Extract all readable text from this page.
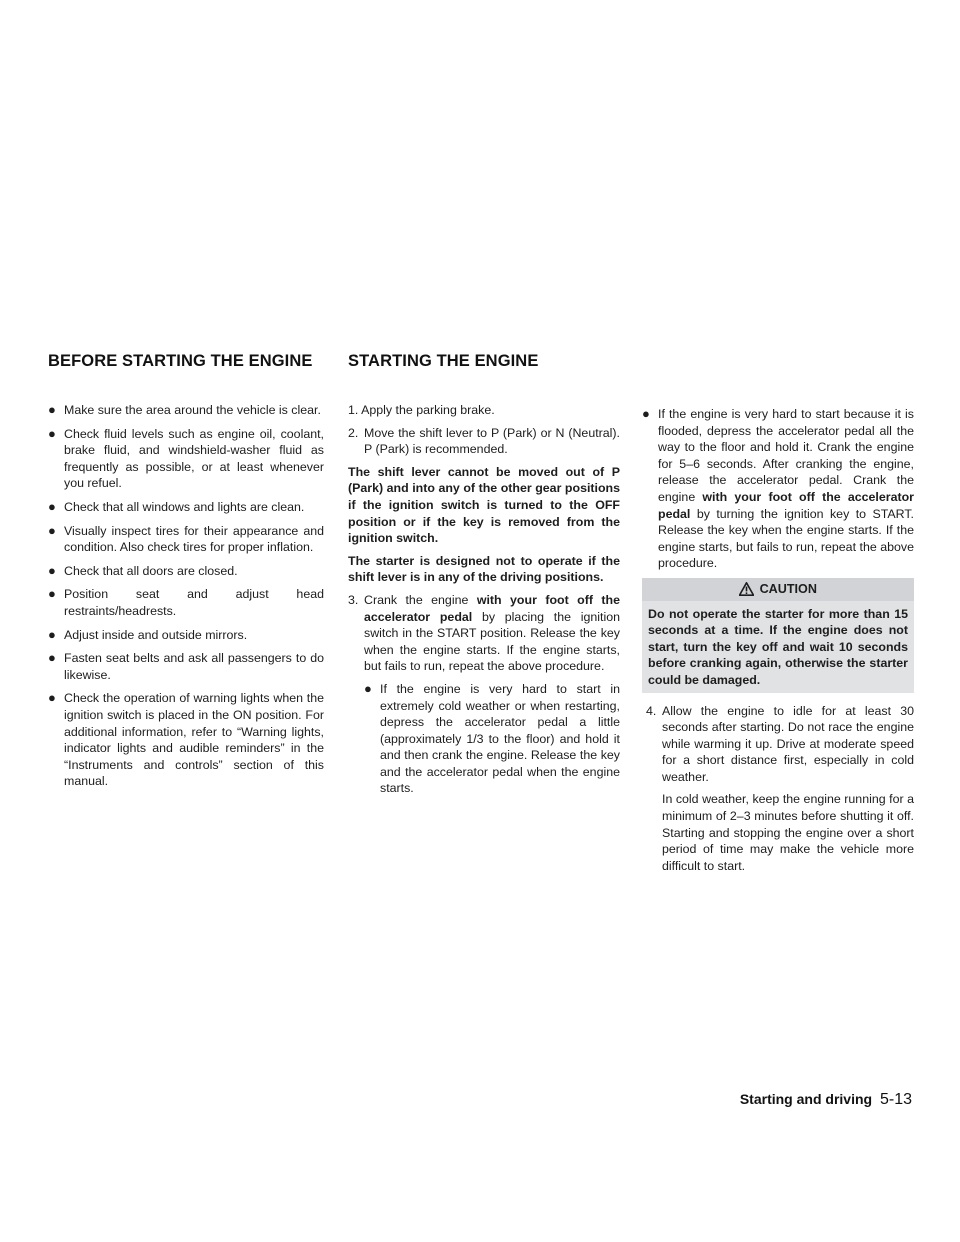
BEFORE STARTING THE ENGINE STARTING THE ENGINE
● Make sure the area around the vehicle is clear.
● Check fluid levels such as engine oil, coolant, brake fluid, and windshield-washer fluid as frequently as possible, or at least whenever you refuel.
● Check that all windows and lights are clean.
● Visually inspect tires for their appearance and condition. Also check tires for proper inflation.
● Check that all doors are closed.
● Position seat and adjust head restraints/headrests.
● Adjust inside and outside mirrors.
● Fasten seat belts and ask all passengers to do likewise.
● Check the operation of warning lights when the ignition switch is placed in the ON position. For additional information, refer to “Warning lights, indicator lights and audible reminders” in the “Instruments and controls” section of this manual.

1. Apply the parking brake.

2. Move the shift lever to P (Park) or N (Neutral). P (Park) is recommended.

The shift lever cannot be moved out of P (Park) and into any of the other gear positions if the ignition switch is turned to the OFF position or if the key is removed from the ignition switch.

The starter is designed not to operate if the shift lever is in any of the driving positions.

3. Crank the engine with your foot off the accelerator pedal by placing the ignition switch in the START position. Release the key when the engine starts. If the engine starts, but fails to run, repeat the above procedure.
● If the engine is very hard to start in extremely cold weather or when restarting, depress the accelerator pedal a little (approximately 1/3 to the floor) and hold it and then crank the engine. Release the key and the accelerator pedal when the engine starts.
● If the engine is very hard to start because it is flooded, depress the accelerator pedal all the way to the floor and hold it. Crank the engine for 5–6 seconds. After cranking the engine, release the accelerator pedal. Crank the engine with your foot off the accelerator pedal by turning the ignition key to START. Release the key when the engine starts. If the engine starts, but fails to run, repeat the above procedure.
CAUTION
Do not operate the starter for more than 15 seconds at a time. If the engine does not start, turn the key off and wait 10 seconds before cranking again, otherwise the starter could be damaged.
4. Allow the engine to idle for at least 30 seconds after starting. Do not race the engine while warming it up. Drive at moderate speed for a short distance first, especially in cold weather.

In cold weather, keep the engine running for a minimum of 2–3 minutes before shutting it off. Starting and stopping the engine over a short period of time may make the vehicle more difficult to start.

Starting and driving 5-13
